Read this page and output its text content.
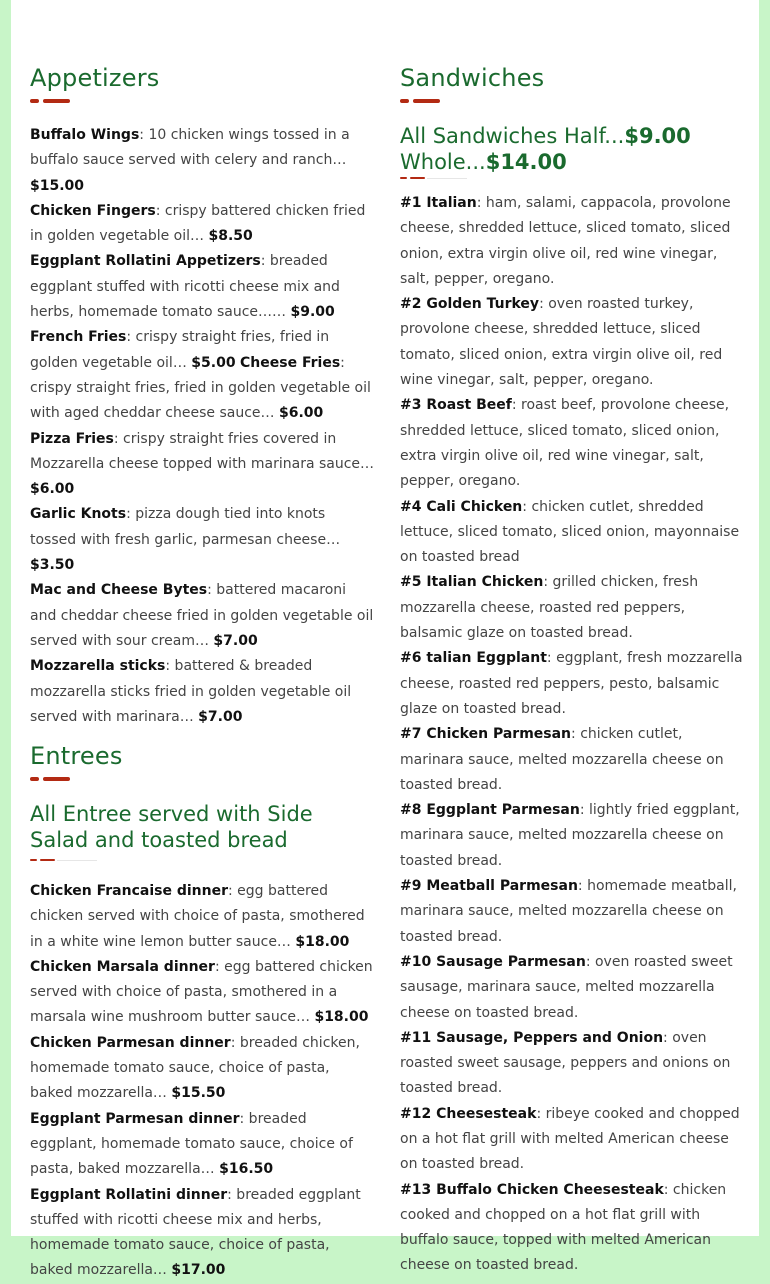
Appetizers
Buffalo Wings: 10 chicken wings tossed in a buffalo sauce served with celery and ranch… $15.00
Chicken Fingers: crispy battered chicken fried in golden vegetable oil… $8.50
Eggplant Rollatini Appetizers: breaded eggplant stuffed with ricotti cheese mix and herbs, homemade tomato sauce…… $9.00
French Fries: crispy straight fries, fried in golden vegetable oil… $5.00 Cheese Fries: crispy straight fries, fried in golden vegetable oil with aged cheddar cheese sauce… $6.00
Pizza Fries: crispy straight fries covered in Mozzarella cheese topped with marinara sauce… $6.00
Garlic Knots: pizza dough tied into knots tossed with fresh garlic, parmesan cheese…$3.50
Mac and Cheese Bytes: battered macaroni and cheddar cheese fried in golden vegetable oil served with sour cream… $7.00
Mozzarella sticks: battered & breaded mozzarella sticks fried in golden vegetable oil served with marinara… $7.00
Entrees
All Entree served with Side Salad and toasted bread
Chicken Francaise dinner: egg battered chicken served with choice of pasta, smothered in a white wine lemon butter sauce… $18.00
Chicken Marsala dinner: egg battered chicken served with choice of pasta, smothered in a marsala wine mushroom butter sauce… $18.00
Chicken Parmesan dinner: breaded chicken, homemade tomato sauce, choice of pasta, baked mozzarella… $15.50
Eggplant Parmesan dinner: breaded eggplant, homemade tomato sauce, choice of pasta, baked mozzarella… $16.50
Eggplant Rollatini dinner: breaded eggplant stuffed with ricotti cheese mix and herbs, homemade tomato sauce, choice of pasta, baked mozzarella… $17.00
Sandwiches
All Sandwiches Half...$9.00
Whole...$14.00
#1 Italian: ham, salami, cappacola, provolone cheese, shredded lettuce, sliced tomato, sliced onion, extra virgin olive oil, red wine vinegar, salt, pepper, oregano.
#2 Golden Turkey: oven roasted turkey, provolone cheese, shredded lettuce, sliced tomato, sliced onion, extra virgin olive oil, red wine vinegar, salt, pepper, oregano.
#3 Roast Beef: roast beef, provolone cheese, shredded lettuce, sliced tomato, sliced onion, extra virgin olive oil, red wine vinegar, salt, pepper, oregano.
#4 Cali Chicken: chicken cutlet, shredded lettuce, sliced tomato, sliced onion, mayonnaise on toasted bread
#5 Italian Chicken: grilled chicken, fresh mozzarella cheese, roasted red peppers, balsamic glaze on toasted bread.
#6 talian Eggplant: eggplant, fresh mozzarella cheese, roasted red peppers, pesto, balsamic glaze on toasted bread.
#7 Chicken Parmesan: chicken cutlet, marinara sauce, melted mozzarella cheese on toasted bread.
#8 Eggplant Parmesan: lightly fried eggplant, marinara sauce, melted mozzarella cheese on toasted bread.
#9 Meatball Parmesan: homemade meatball, marinara sauce, melted mozzarella cheese on toasted bread.
#10 Sausage Parmesan: oven roasted sweet sausage, marinara sauce, melted mozzarella cheese on toasted bread.
#11 Sausage, Peppers and Onion: oven roasted sweet sausage, peppers and onions on toasted bread.
#12 Cheesesteak: ribeye cooked and chopped on a hot flat grill with melted American cheese on toasted bread.
#13 Buffalo Chicken Cheesesteak: chicken cooked and chopped on a hot flat grill with buffalo sauce, topped with melted American cheese on toasted bread.
